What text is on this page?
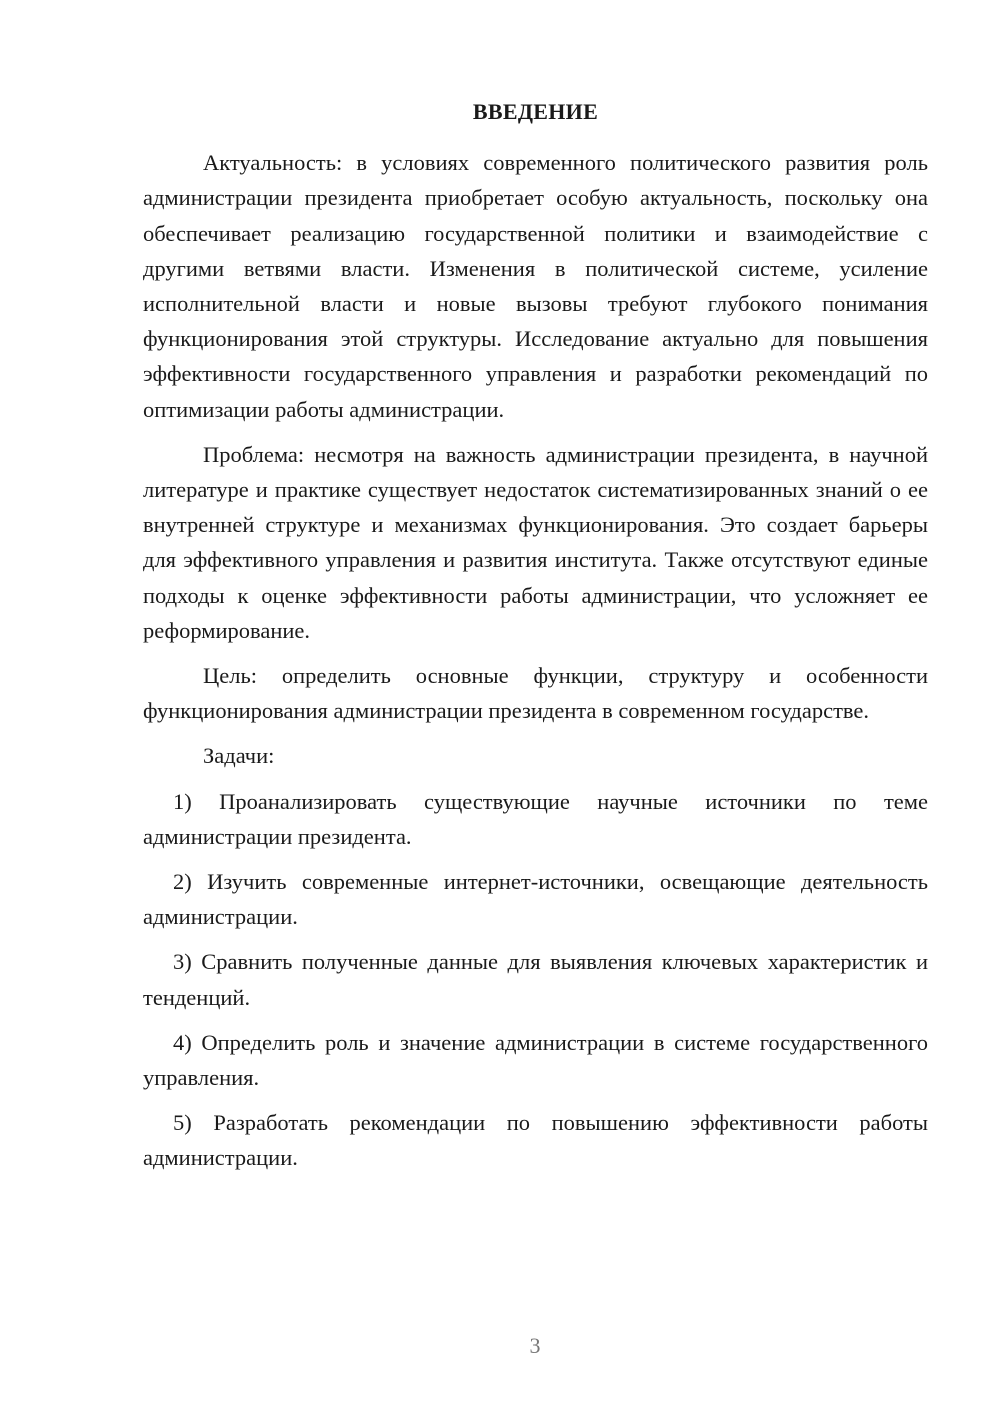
ВВЕДЕНИЕ

Актуальность: в условиях современного политического развития роль администрации президента приобретает особую актуальность, поскольку она обеспечивает реализацию государственной политики и взаимодействие с другими ветвями власти. Изменения в политической системе, усиление исполнительной власти и новые вызовы требуют глубокого понимания функционирования этой структуры. Исследование актуально для повышения эффективности государственного управления и разработки рекомендаций по оптимизации работы администрации.

Проблема: несмотря на важность администрации президента, в научной литературе и практике существует недостаток систематизированных знаний о ее внутренней структуре и механизмах функционирования. Это создает барьеры для эффективного управления и развития института. Также отсутствуют единые подходы к оценке эффективности работы администрации, что усложняет ее реформирование.

Цель: определить основные функции, структуру и особенности функционирования администрации президента в современном государстве.

Задачи:

1) Проанализировать существующие научные источники по теме администрации президента.

2) Изучить современные интернет-источники, освещающие деятельность администрации.

3) Сравнить полученные данные для выявления ключевых характеристик и тенденций.

4) Определить роль и значение администрации в системе государственного управления.

5) Разработать рекомендации по повышению эффективности работы администрации.

3
